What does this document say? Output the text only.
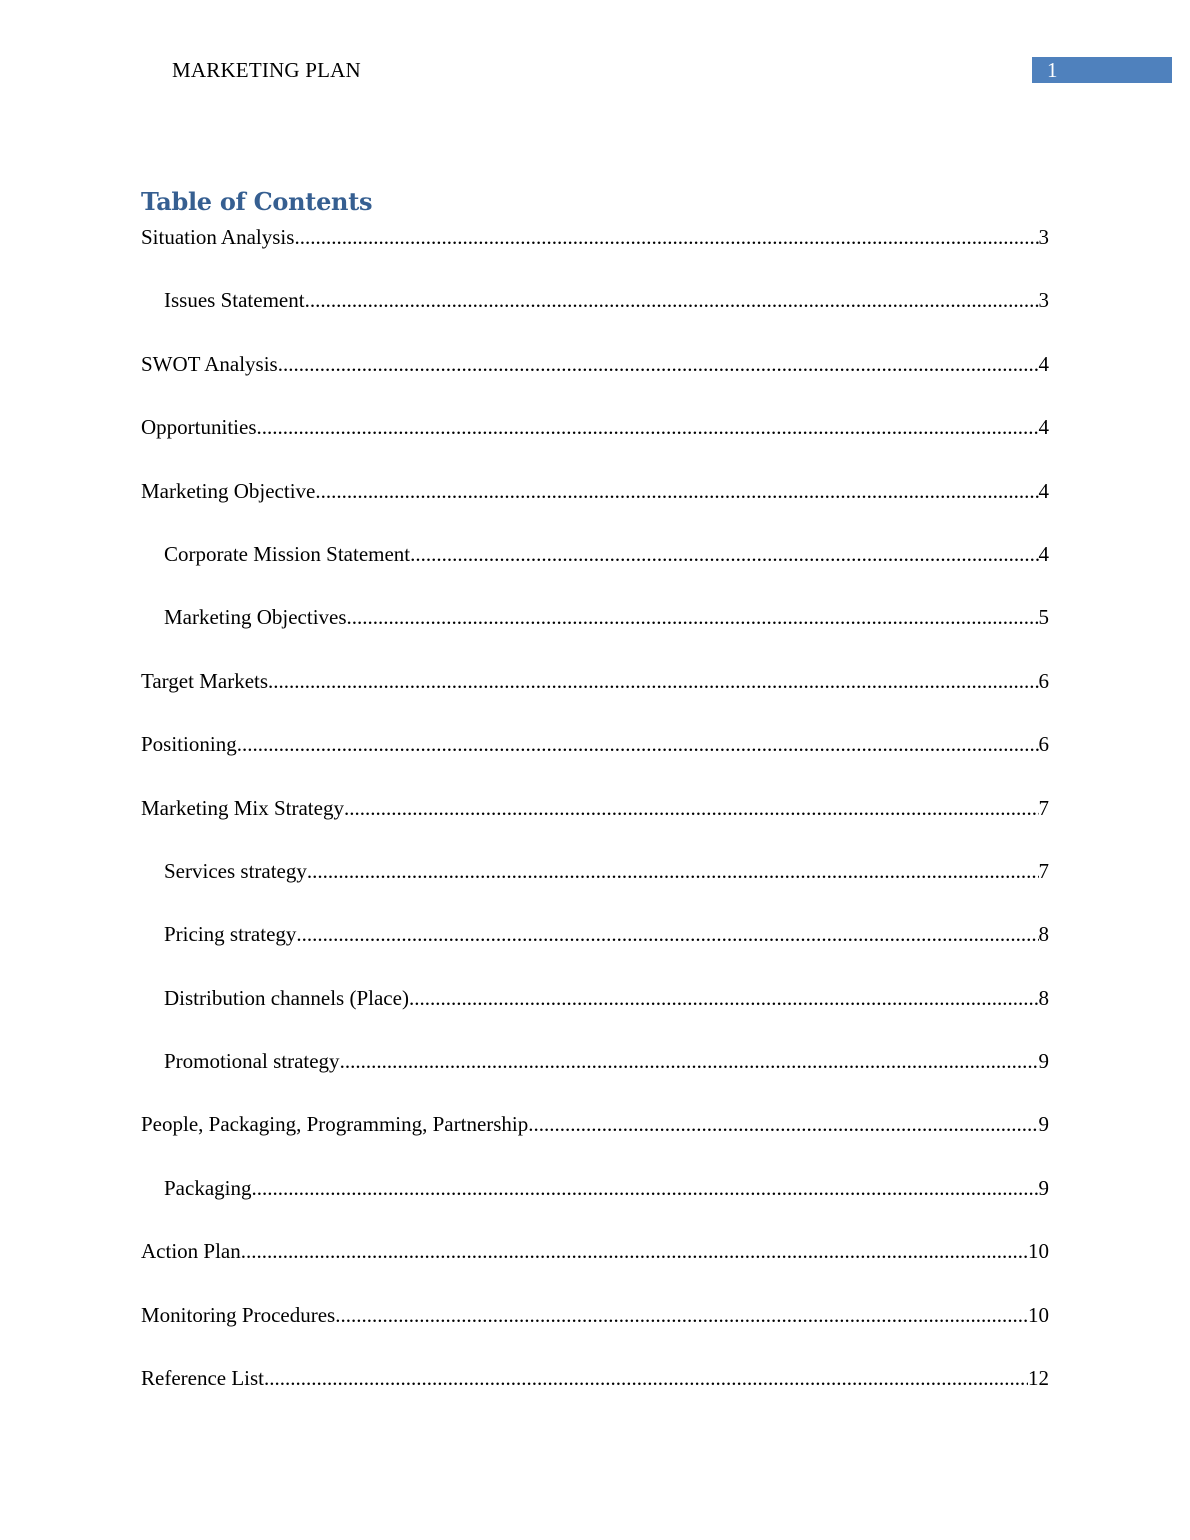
MARKETING PLAN	1
Table of Contents
Situation Analysis .....	3
Issues Statement .....	3
SWOT Analysis .....	4
Opportunities .....	4
Marketing Objective .....	4
Corporate Mission Statement .....	4
Marketing Objectives .....	5
Target Markets .....	6
Positioning .....	6
Marketing Mix Strategy .....	7
Services strategy .....	7
Pricing strategy .....	8
Distribution channels (Place) .....	8
Promotional strategy .....	9
People, Packaging, Programming, Partnership .....	9
Packaging .....	9
Action Plan .....	10
Monitoring Procedures .....	10
Reference List .....	12
